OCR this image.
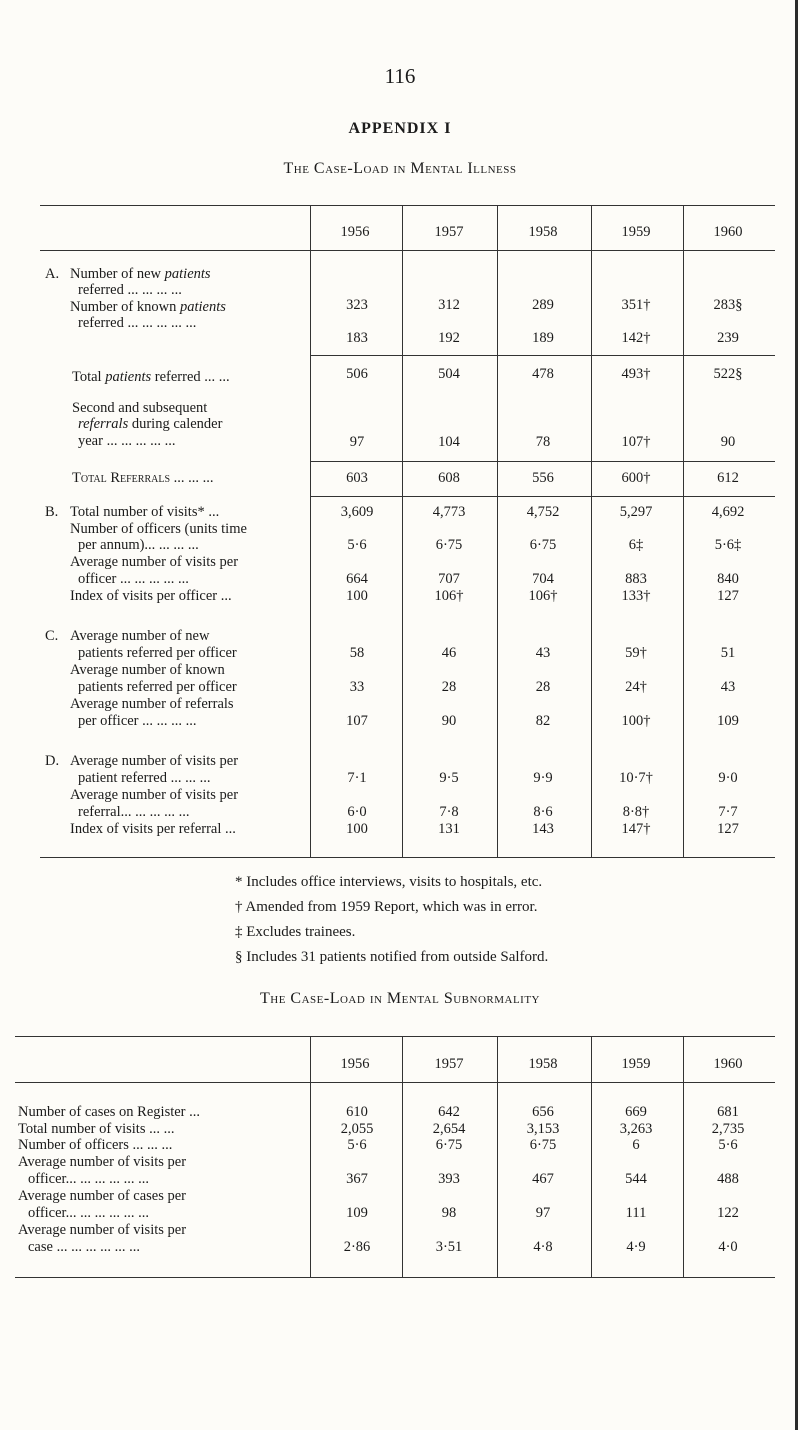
116
APPENDIX I
The Case-Load in Mental Illness
1956	1957	1958	1959	1960
A. Number of new patients
referred ... ... ... ...
323	312	289	351†	283§
Number of known patients
referred ... ... ... ... ...
183	192	189	142†	239
Total patients referred ... ...	506	504	478	493†	522§
Second and subsequent
referrals during calender
year ... ... ... ... ...	97	104	78	107†	90
Total Referrals ... ... ...	603	608	556	600†	612
B. Total number of visits* ...	3,609	4,773	4,752	5,297	4,692
Number of officers (units time
per annum)... ... ... ...	5·6	6·75	6·75	6‡	5·6‡
Average number of visits per
officer ... ... ... ... ...	664	707	704	883	840
Index of visits per officer ...	100	106†	106†	133†	127
C. Average number of new
patients referred per officer	58	46	43	59†	51
Average number of known
patients referred per officer	33	28	28	24†	43
Average number of referrals
per officer ... ... ... ...	107	90	82	100†	109
D. Average number of visits per
patient referred ... ... ...	7·1	9·5	9·9	10·7†	9·0
Average number of visits per
referral... ... ... ... ...	6·0	7·8	8·6	8·8†	7·7
Index of visits per referral ...	100	131	143	147†	127
* Includes office interviews, visits to hospitals, etc.
† Amended from 1959 Report, which was in error.
‡ Excludes trainees.
§ Includes 31 patients notified from outside Salford.
The Case-Load in Mental Subnormality
1956	1957	1958	1959	1960
Number of cases on Register ...	610	642	656	669	681
Total number of visits ... ...	2,055	2,654	3,153	3,263	2,735
Number of officers ... ... ...	5·6	6·75	6·75	6	5·6
Average number of visits per
officer... ... ... ... ... ...	367	393	467	544	488
Average number of cases per
officer... ... ... ... ... ...	109	98	97	111	122
Average number of visits per
case ... ... ... ... ... ...	2·86	3·51	4·8	4·9	4·0
